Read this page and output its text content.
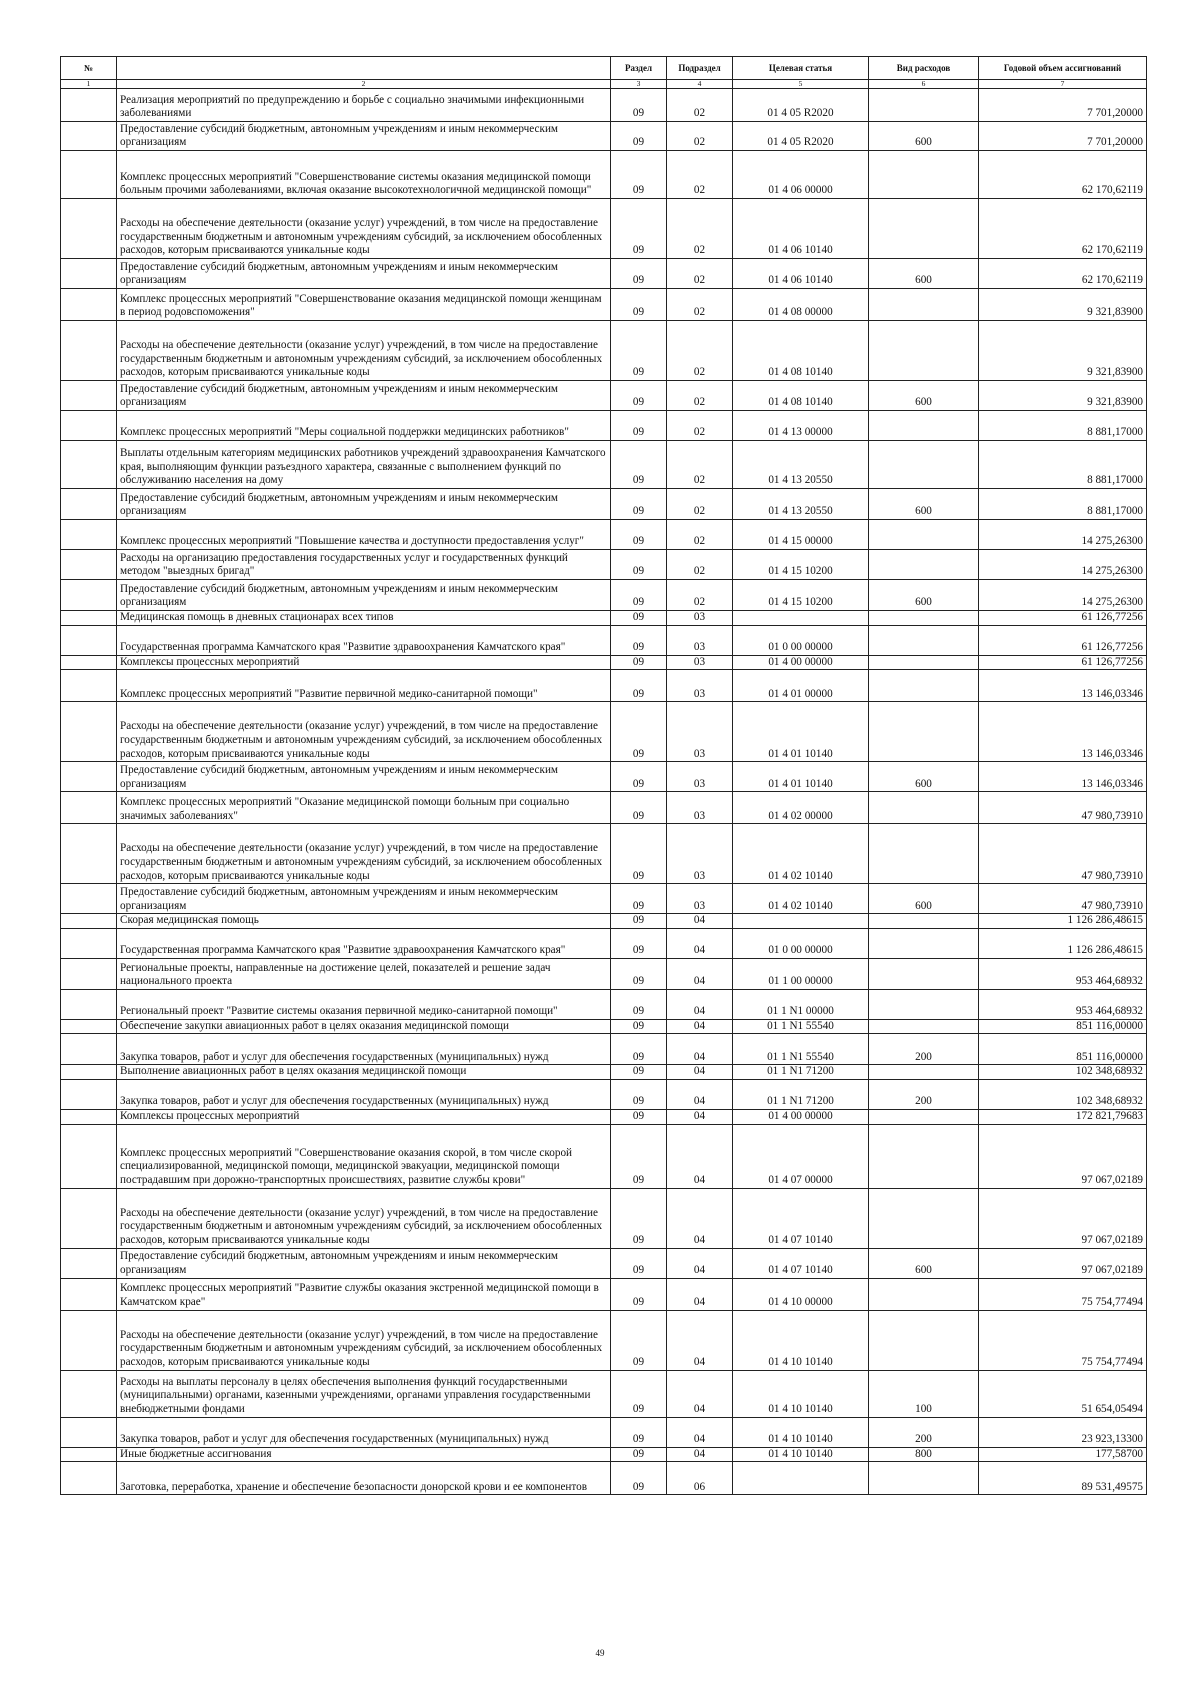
№		Раздел	Подраздел	Целевая статья	Вид расходов	Годовой объем ассигнований
1	2	3	4	5	6	7
	Реализация мероприятий по предупреждению и борьбе с социально значимыми инфекционными заболеваниями	09	02	01 4 05 R2020		7 701,20000
	Предоставление субсидий бюджетным, автономным учреждениям и иным некоммерческим организациям	09	02	01 4 05 R2020	600	7 701,20000
	Комплекс процессных мероприятий "Совершенствование системы оказания медицинской помощи больным прочими заболеваниями, включая оказание высокотехнологичной медицинской помощи"	09	02	01 4 06 00000		62 170,62119
	Расходы на обеспечение деятельности (оказание услуг) учреждений, в том числе на предоставление государственным бюджетным и автономным учреждениям субсидий, за исключением обособленных расходов, которым присваиваются уникальные коды	09	02	01 4 06 10140		62 170,62119
	Предоставление субсидий бюджетным, автономным учреждениям и иным некоммерческим организациям	09	02	01 4 06 10140	600	62 170,62119
	Комплекс процессных мероприятий "Совершенствование оказания медицинской помощи женщинам в период родовспоможения"	09	02	01 4 08 00000		9 321,83900
	Расходы на обеспечение деятельности (оказание услуг) учреждений, в том числе на предоставление государственным бюджетным и автономным учреждениям субсидий, за исключением обособленных расходов, которым присваиваются уникальные коды	09	02	01 4 08 10140		9 321,83900
	Предоставление субсидий бюджетным, автономным учреждениям и иным некоммерческим организациям	09	02	01 4 08 10140	600	9 321,83900
	Комплекс процессных мероприятий "Меры социальной поддержки медицинских работников"	09	02	01 4 13 00000		8 881,17000
	Выплаты отдельным категориям медицинских работников учреждений здравоохранения Камчатского края, выполняющим функции разъездного характера, связанные с выполнением функций по обслуживанию населения на дому	09	02	01 4 13 20550		8 881,17000
	Предоставление субсидий бюджетным, автономным учреждениям и иным некоммерческим организациям	09	02	01 4 13 20550	600	8 881,17000
	Комплекс процессных мероприятий "Повышение качества и доступности предоставления услуг"	09	02	01 4 15 00000		14 275,26300
	Расходы на организацию предоставления государственных услуг и государственных функций методом "выездных бригад"	09	02	01 4 15 10200		14 275,26300
	Предоставление субсидий бюджетным, автономным учреждениям и иным некоммерческим организациям	09	02	01 4 15 10200	600	14 275,26300
	Медицинская помощь в дневных стационарах всех типов	09	03			61 126,77256
	Государственная программа Камчатского края "Развитие здравоохранения Камчатского края"	09	03	01 0 00 00000		61 126,77256
	Комплексы процессных мероприятий	09	03	01 4 00 00000		61 126,77256
	Комплекс процессных мероприятий "Развитие первичной медико-санитарной помощи"	09	03	01 4 01 00000		13 146,03346
	Расходы на обеспечение деятельности (оказание услуг) учреждений, в том числе на предоставление государственным бюджетным и автономным учреждениям субсидий, за исключением обособленных расходов, которым присваиваются уникальные коды	09	03	01 4 01 10140		13 146,03346
	Предоставление субсидий бюджетным, автономным учреждениям и иным некоммерческим организациям	09	03	01 4 01 10140	600	13 146,03346
	Комплекс процессных мероприятий "Оказание медицинской помощи больным при социально значимых заболеваниях"	09	03	01 4 02 00000		47 980,73910
	Расходы на обеспечение деятельности (оказание услуг) учреждений, в том числе на предоставление государственным бюджетным и автономным учреждениям субсидий, за исключением обособленных расходов, которым присваиваются уникальные коды	09	03	01 4 02 10140		47 980,73910
	Предоставление субсидий бюджетным, автономным учреждениям и иным некоммерческим организациям	09	03	01 4 02 10140	600	47 980,73910
	Скорая медицинская помощь	09	04			1 126 286,48615
	Государственная программа Камчатского края "Развитие здравоохранения Камчатского края"	09	04	01 0 00 00000		1 126 286,48615
	Региональные проекты, направленные на достижение целей, показателей и решение задач национального проекта	09	04	01 1 00 00000		953 464,68932
	Региональный проект "Развитие системы оказания первичной медико-санитарной помощи"	09	04	01 1 N1 00000		953 464,68932
	Обеспечение закупки авиационных работ в целях оказания медицинской помощи	09	04	01 1 N1 55540		851 116,00000
	Закупка товаров, работ и услуг для обеспечения государственных (муниципальных) нужд	09	04	01 1 N1 55540	200	851 116,00000
	Выполнение авиационных работ в целях оказания медицинской помощи	09	04	01 1 N1 71200		102 348,68932
	Закупка товаров, работ и услуг для обеспечения государственных (муниципальных) нужд	09	04	01 1 N1 71200	200	102 348,68932
	Комплексы процессных мероприятий	09	04	01 4 00 00000		172 821,79683
	Комплекс процессных мероприятий "Совершенствование оказания скорой, в том числе скорой специализированной, медицинской помощи, медицинской эвакуации, медицинской помощи пострадавшим при дорожно-транспортных происшествиях, развитие службы крови"	09	04	01 4 07 00000		97 067,02189
	Расходы на обеспечение деятельности (оказание услуг) учреждений, в том числе на предоставление государственным бюджетным и автономным учреждениям субсидий, за исключением обособленных расходов, которым присваиваются уникальные коды	09	04	01 4 07 10140		97 067,02189
	Предоставление субсидий бюджетным, автономным учреждениям и иным некоммерческим организациям	09	04	01 4 07 10140	600	97 067,02189
	Комплекс процессных мероприятий "Развитие службы оказания экстренной медицинской помощи в Камчатском крае"	09	04	01 4 10 00000		75 754,77494
	Расходы на обеспечение деятельности (оказание услуг) учреждений, в том числе на предоставление государственным бюджетным и автономным учреждениям субсидий, за исключением обособленных расходов, которым присваиваются уникальные коды	09	04	01 4 10 10140		75 754,77494
	Расходы на выплаты персоналу в целях обеспечения выполнения функций государственными (муниципальными) органами, казенными учреждениями, органами управления государственными внебюджетными фондами	09	04	01 4 10 10140	100	51 654,05494
	Закупка товаров, работ и услуг для обеспечения государственных (муниципальных) нужд	09	04	01 4 10 10140	200	23 923,13300
	Иные бюджетные ассигнования	09	04	01 4 10 10140	800	177,58700
	Заготовка, переработка, хранение и обеспечение безопасности донорской крови и ее компонентов	09	06			89 531,49575
49
